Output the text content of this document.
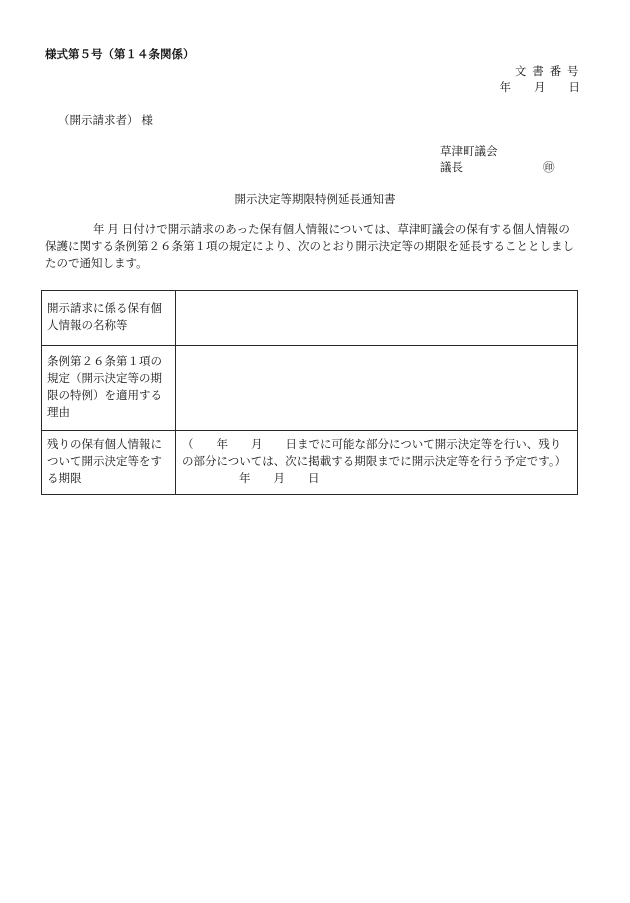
様式第５号（第１４条関係）
文 書 番 号
年　　月　　日
（開示請求者） 様
草津町議会
議長	㊞
開示決定等期限特例延長通知書

年 月 日付けで開示請求のあった保有個人情報については、草津町議会の保有する個人情報の保護に関する条例第２６条第１項の規定により、次のとおり開示決定等の期限を延長することとしましたので通知します。

開示請求に係る保有個人情報の名称等	

条例第２６条第１項の規定（開示決定等の期限の特例）を適用する理由	

残りの保有個人情報について開示決定等をする期限	（　　年　　月　　日までに可能な部分について開示決定等を行い、残り
の部分については、次に掲載する期限までに開示決定等を行う予定です。）
年　　月　　日
